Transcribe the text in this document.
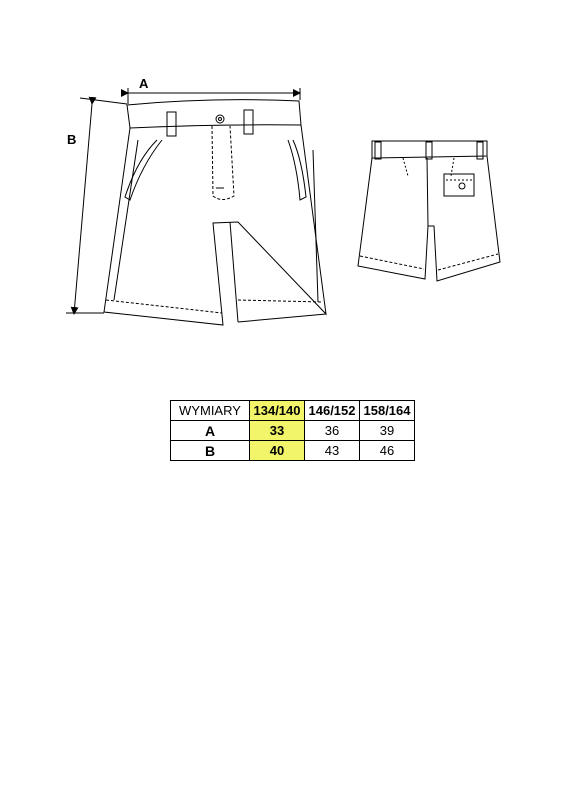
A
B
WYMIARY	134/140	146/152	158/164
A	33	36	39
B	40	43	46
